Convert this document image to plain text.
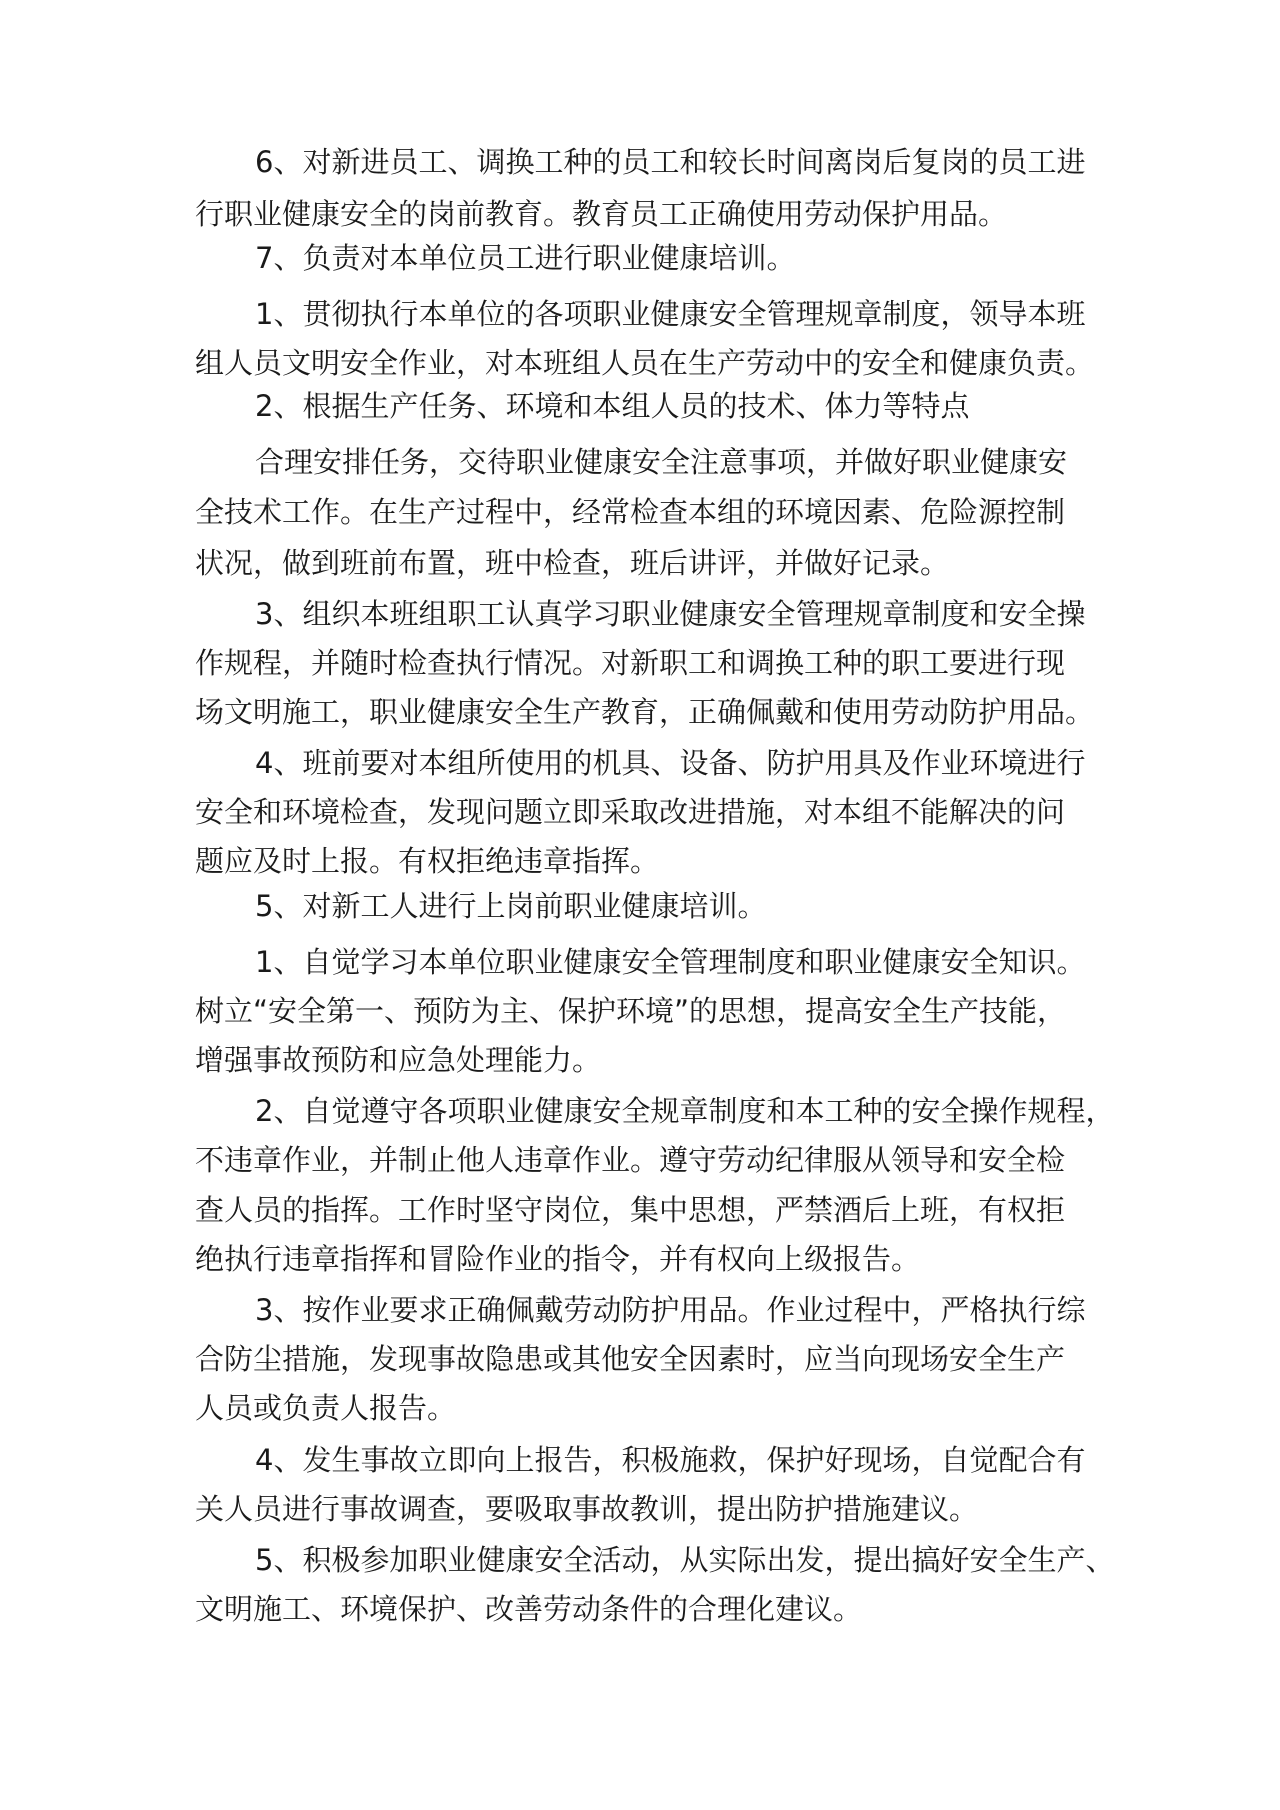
6、对新进员工、调换工种的员工和较长时间离岗后复岗的员工进

行职业健康安全的岗前教育。教育员工正确使用劳动保护用品。

7、负责对本单位员工进行职业健康培训。

1、贯彻执行本单位的各项职业健康安全管理规章制度，领导本班

组人员文明安全作业，对本班组人员在生产劳动中的安全和健康负责。

2、根据生产任务、环境和本组人员的技术、体力等特点

合理安排任务，交待职业健康安全注意事项，并做好职业健康安

全技术工作。在生产过程中，经常检查本组的环境因素、危险源控制

状况，做到班前布置，班中检查，班后讲评，并做好记录。

3、组织本班组职工认真学习职业健康安全管理规章制度和安全操

作规程，并随时检查执行情况。对新职工和调换工种的职工要进行现

场文明施工，职业健康安全生产教育，正确佩戴和使用劳动防护用品。

4、班前要对本组所使用的机具、设备、防护用具及作业环境进行

安全和环境检查，发现问题立即采取改进措施，对本组不能解决的问

题应及时上报。有权拒绝违章指挥。

5、对新工人进行上岗前职业健康培训。

1、自觉学习本单位职业健康安全管理制度和职业健康安全知识。

树立“安全第一、预防为主、保护环境”的思想，提高安全生产技能，

增强事故预防和应急处理能力。

2、自觉遵守各项职业健康安全规章制度和本工种的安全操作规程，

不违章作业，并制止他人违章作业。遵守劳动纪律服从领导和安全检

查人员的指挥。工作时坚守岗位，集中思想，严禁酒后上班，有权拒

绝执行违章指挥和冒险作业的指令，并有权向上级报告。

3、按作业要求正确佩戴劳动防护用品。作业过程中，严格执行综

合防尘措施，发现事故隐患或其他安全因素时，应当向现场安全生产

人员或负责人报告。

4、发生事故立即向上报告，积极施救，保护好现场，自觉配合有

关人员进行事故调查，要吸取事故教训，提出防护措施建议。

5、积极参加职业健康安全活动，从实际出发，提出搞好安全生产、

文明施工、环境保护、改善劳动条件的合理化建议。
